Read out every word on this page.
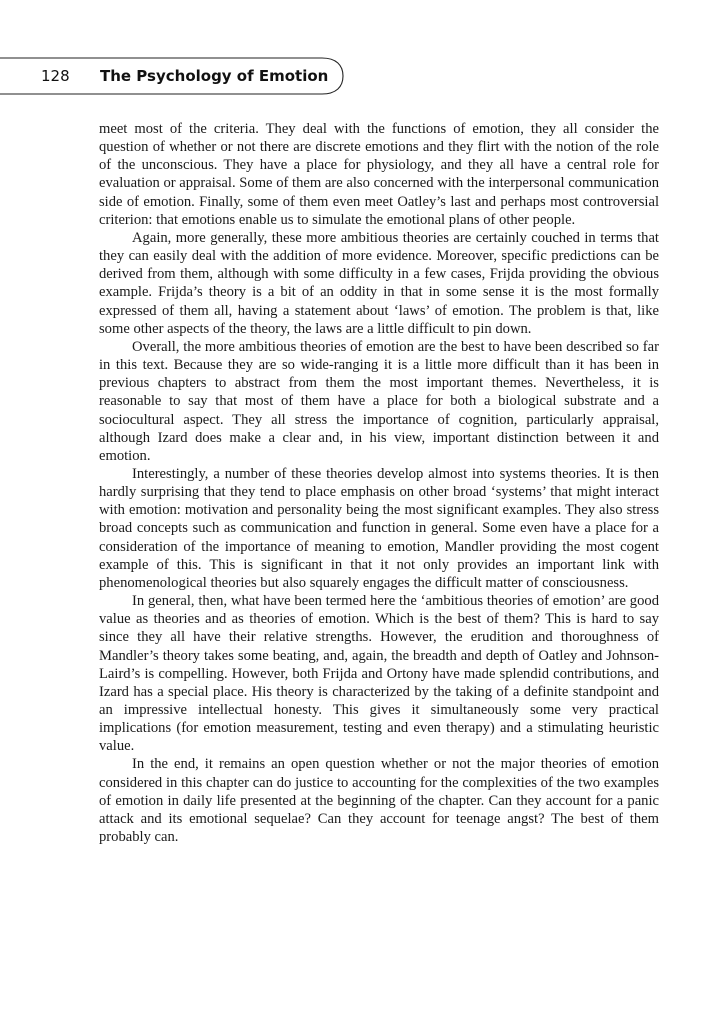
128 The Psychology of Emotion

meet most of the criteria. They deal with the functions of emotion, they all consider the question of whether or not there are discrete emotions and they flirt with the notion of the role of the unconscious. They have a place for physiology, and they all have a central role for evaluation or appraisal. Some of them are also concerned with the interpersonal communication side of emotion. Finally, some of them even meet Oatley’s last and perhaps most controversial criterion: that emotions enable us to simulate the emotional plans of other people.

Again, more generally, these more ambitious theories are certainly couched in terms that they can easily deal with the addition of more evidence. Moreover, specific predictions can be derived from them, although with some difficulty in a few cases, Frijda providing the obvious example. Frijda’s theory is a bit of an oddity in that in some sense it is the most formally expressed of them all, having a statement about ‘laws’ of emotion. The problem is that, like some other aspects of the theory, the laws are a little difficult to pin down.

Overall, the more ambitious theories of emotion are the best to have been described so far in this text. Because they are so wide-ranging it is a little more difficult than it has been in previous chapters to abstract from them the most important themes. Nevertheless, it is reasonable to say that most of them have a place for both a biological substrate and a sociocultural aspect. They all stress the importance of cognition, particularly appraisal, although Izard does make a clear and, in his view, important distinction between it and emotion.

Interestingly, a number of these theories develop almost into systems theories. It is then hardly surprising that they tend to place emphasis on other broad ‘systems’ that might interact with emotion: motivation and personality being the most significant examples. They also stress broad concepts such as communication and function in general. Some even have a place for a consideration of the importance of meaning to emotion, Mandler providing the most cogent example of this. This is significant in that it not only provides an important link with phenomenological theories but also squarely engages the difficult matter of consciousness.

In general, then, what have been termed here the ‘ambitious theories of emotion’ are good value as theories and as theories of emotion. Which is the best of them? This is hard to say since they all have their relative strengths. However, the erudition and thoroughness of Mandler’s theory takes some beating, and, again, the breadth and depth of Oatley and Johnson-Laird’s is compelling. However, both Frijda and Ortony have made splendid contributions, and Izard has a special place. His theory is characterized by the taking of a definite standpoint and an impressive intellectual honesty. This gives it simultaneously some very practical implications (for emotion measurement, testing and even therapy) and a stimulating heuristic value.

In the end, it remains an open question whether or not the major theories of emotion considered in this chapter can do justice to accounting for the complexities of the two examples of emotion in daily life presented at the beginning of the chapter. Can they account for a panic attack and its emotional sequelae? Can they account for teenage angst? The best of them probably can.
